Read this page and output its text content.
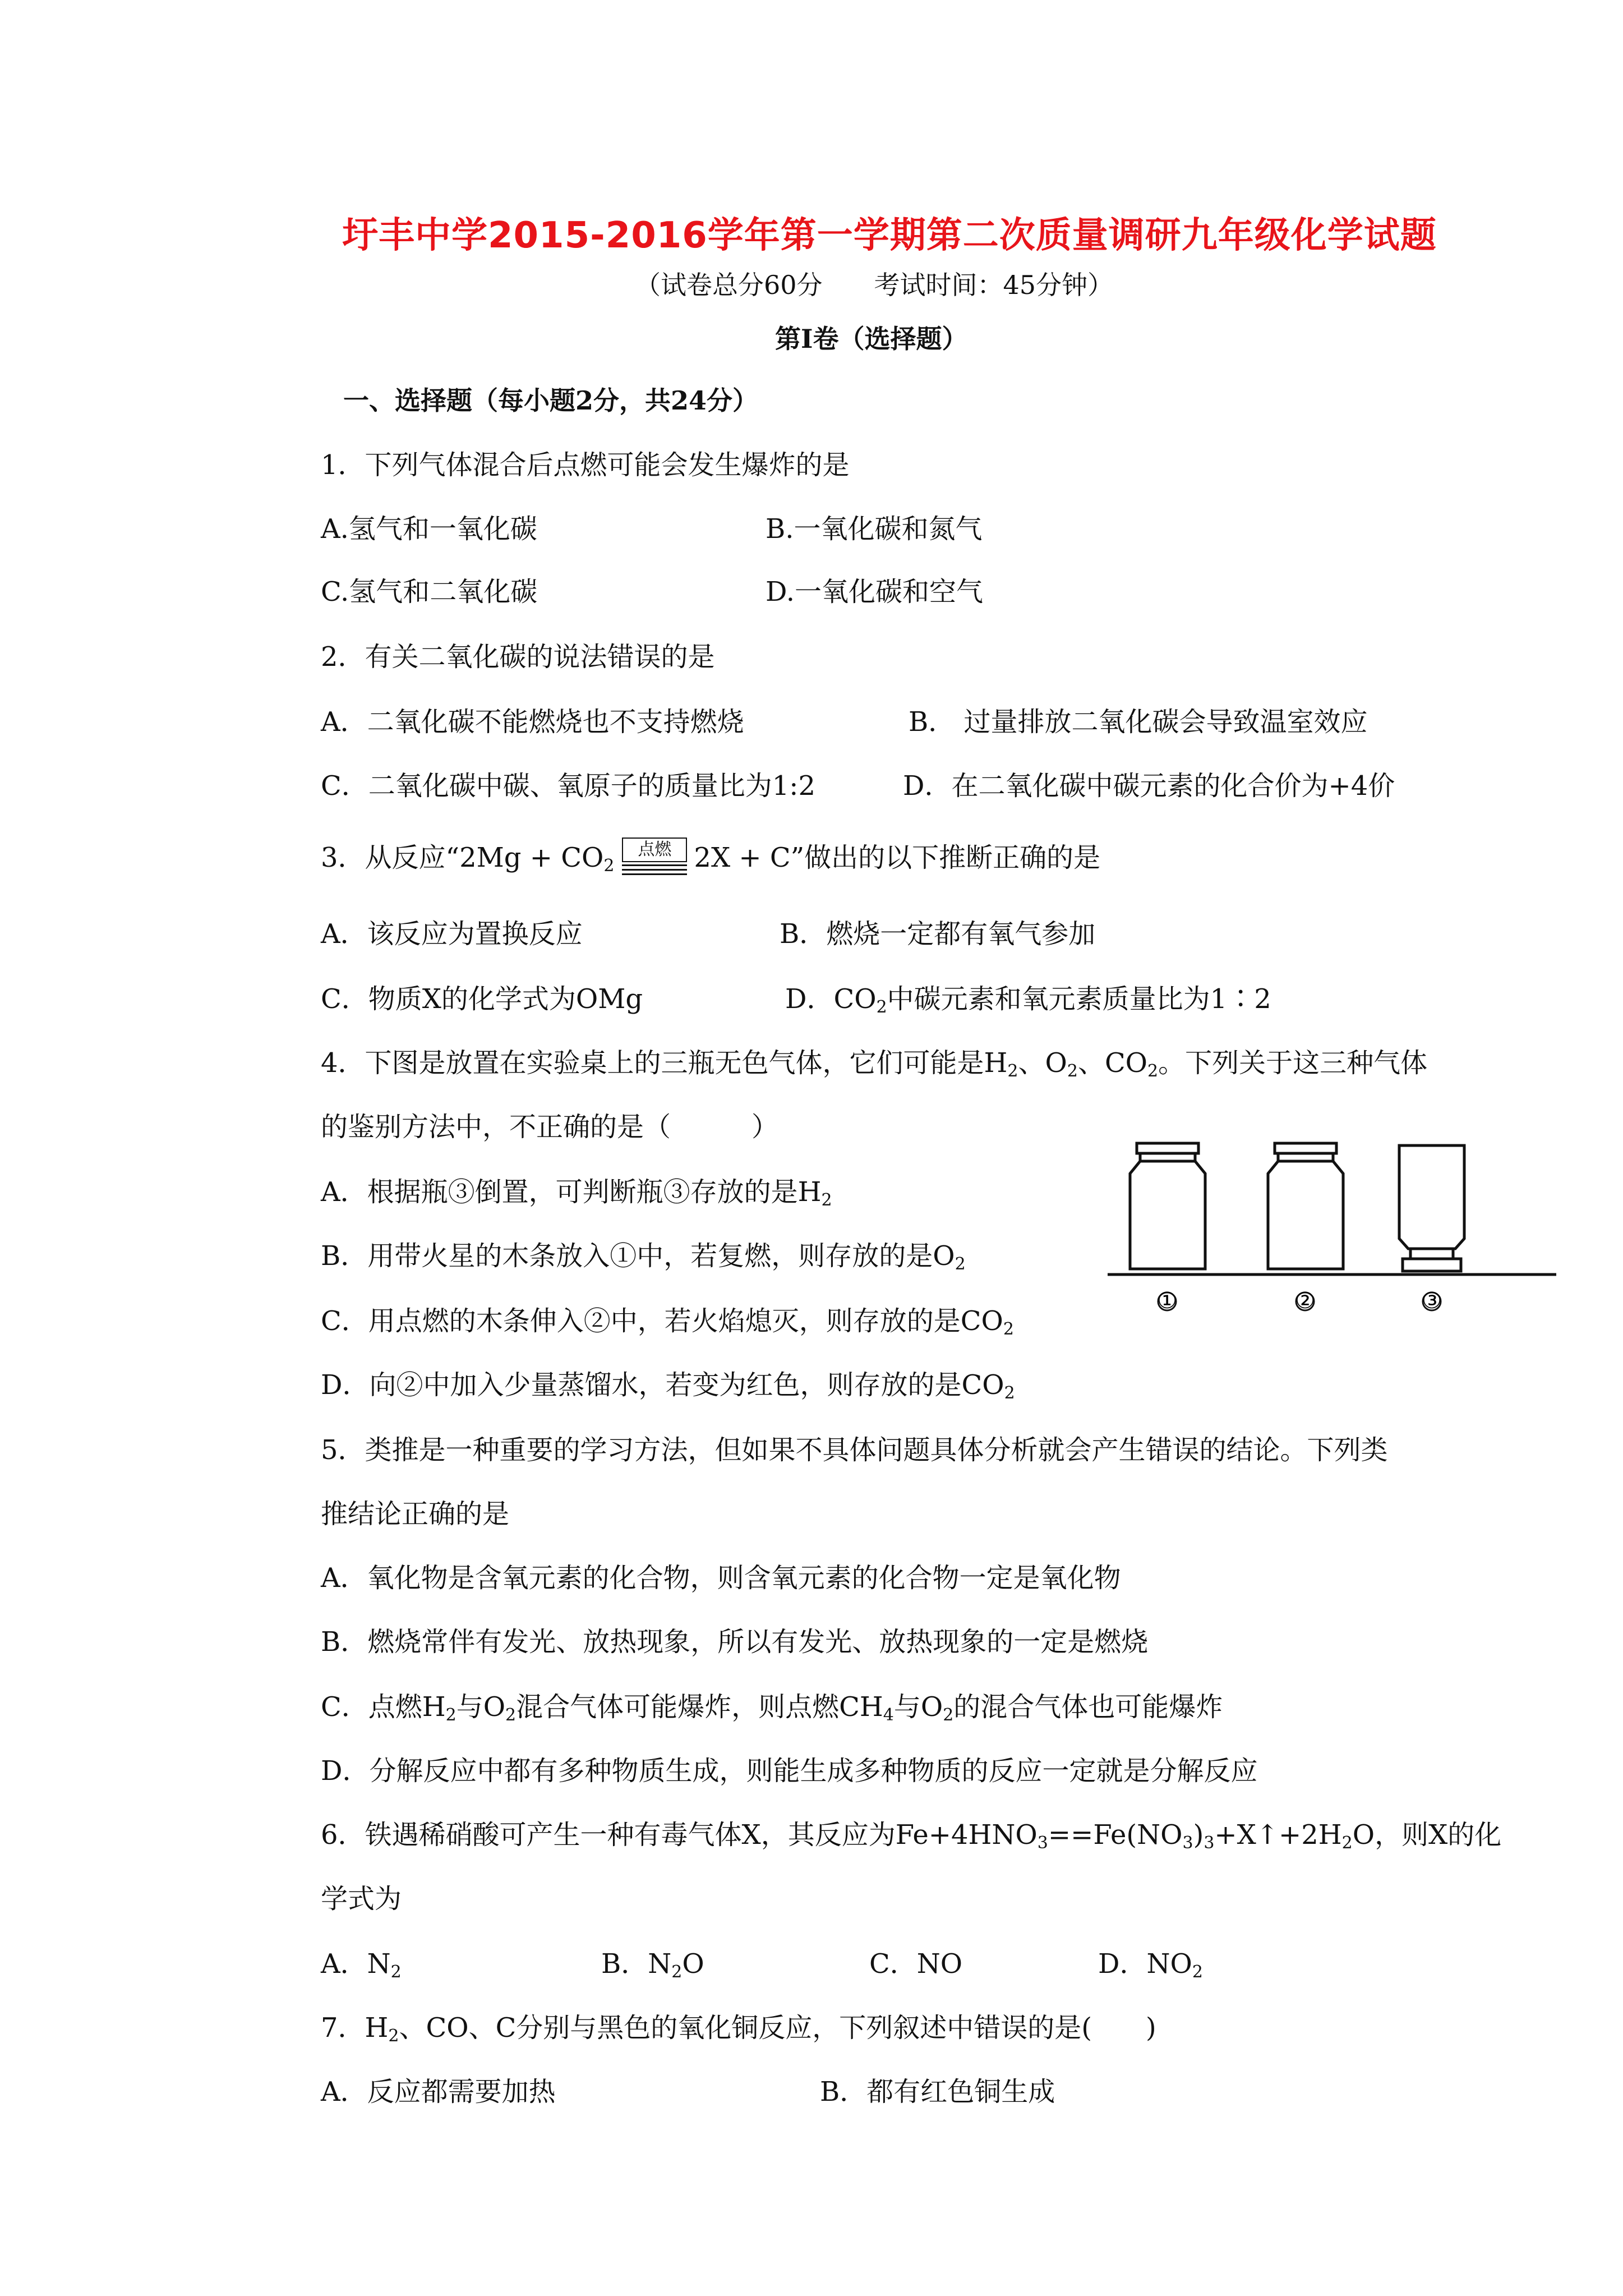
圩丰中学2015-2016学年第一学期第二次质量调研九年级化学试题
（试卷总分60分　　考试时间：45分钟）
第Ⅰ卷（选择题）
一、选择题（每小题2分，共24分）
1．下列气体混合后点燃可能会发生爆炸的是
A.氢气和一氧化碳	B.一氧化碳和氮气
C.氢气和二氧化碳	D.一氧化碳和空气
2．有关二氧化碳的说法错误的是
A．二氧化碳不能燃烧也不支持燃烧	B． 过量排放二氧化碳会导致温室效应
C．二氧化碳中碳、氧原子的质量比为1:2	D．在二氧化碳中碳元素的化合价为+4价
3．从反应“$2Mg + CO_2$
点燃 2X + C”做出的以下推断正确的是
A．该反应为置换反应	B．燃烧一定都有氧气参加
C．物质X的化学式为OMg	D．$CO_2$中碳元素和氧元素质量比为1∶2
4．下图是放置在实验桌上的三瓶无色气体，它们可能是$H_2$、$O_2$、$CO_2$。下列关于这三种气体
的鉴别方法中，不正确的是（　　　）
A．根据瓶③倒置，可判断瓶③存放的是$H_2$
B．用带火星的木条放入①中，若复燃，则存放的是$O_2$
C．用点燃的木条伸入②中，若火焰熄灭，则存放的是$CO_2$
D．向②中加入少量蒸馏水，若变为红色，则存放的是$CO_2$
①	②	③
5．类推是一种重要的学习方法，但如果不具体问题具体分析就会产生错误的结论。下列类
推结论正确的是
A．氧化物是含氧元素的化合物，则含氧元素的化合物一定是氧化物
B．燃烧常伴有发光、放热现象，所以有发光、放热现象的一定是燃烧
C．点燃$H_2$与$O_2$混合气体可能爆炸，则点燃$CH_4$与$O_2$的混合气体也可能爆炸
D．分解反应中都有多种物质生成，则能生成多种物质的反应一定就是分解反应
6．铁遇稀硝酸可产生一种有毒气体X，其反应为$Fe+4HNO_3==Fe(NO_3)_3+X↑+2H_2O$，则X的化
学式为
A．$N_2$	B．$N_2O$	C．NO	D．$NO_2$
7．$H_2$、CO、C分别与黑色的氧化铜反应，下列叙述中错误的是(　　)
A．反应都需要加热	B．都有红色铜生成
